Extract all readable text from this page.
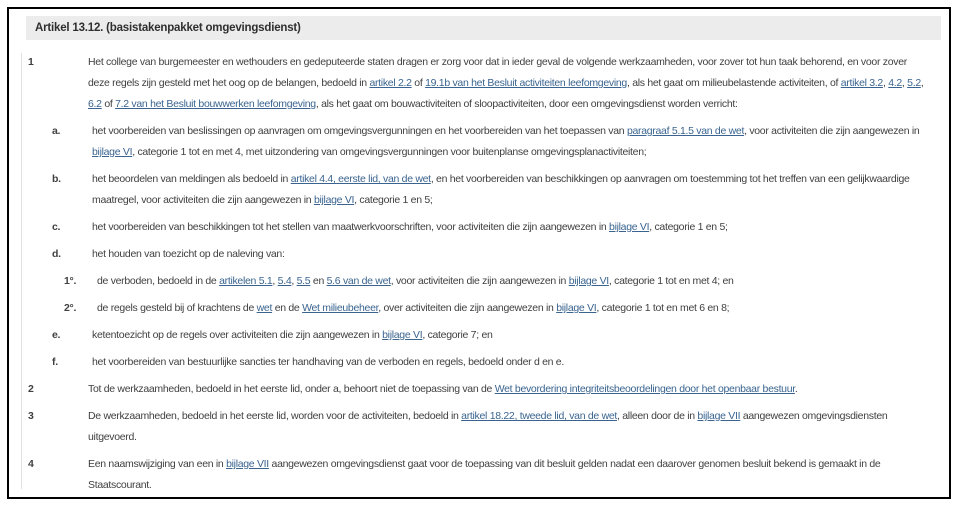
Artikel 13.12. (basistakenpakket omgevingsdienst)
1	Het college van burgemeester en wethouders en gedeputeerde staten dragen er zorg voor dat in ieder geval de volgende werkzaamheden, voor zover tot hun taak behorend, en voor zover deze regels zijn gesteld met het oog op de belangen, bedoeld in artikel 2.2 of 19.1b van het Besluit activiteiten leefomgeving, als het gaat om milieubelastende activiteiten, of artikel 3.2, 4.2, 5.2, 6.2 of 7.2 van het Besluit bouwwerken leefomgeving, als het gaat om bouwactiviteiten of sloopactiviteiten, door een omgevingsdienst worden verricht:

a.	het voorbereiden van beslissingen op aanvragen om omgevingsvergunningen en het voorbereiden van het toepassen van paragraaf 5.1.5 van de wet, voor activiteiten die zijn aangewezen in bijlage VI, categorie 1 tot en met 4, met uitzondering van omgevingsvergunningen voor buitenplanse omgevingsplanactiviteiten;

b.	het beoordelen van meldingen als bedoeld in artikel 4.4, eerste lid, van de wet, en het voorbereiden van beschikkingen op aanvragen om toestemming tot het treffen van een gelijkwaardige maatregel, voor activiteiten die zijn aangewezen in bijlage VI, categorie 1 en 5;

c.	het voorbereiden van beschikkingen tot het stellen van maatwerkvoorschriften, voor activiteiten die zijn aangewezen in bijlage VI, categorie 1 en 5;

d.	het houden van toezicht op de naleving van:

1°.	de verboden, bedoeld in de artikelen 5.1, 5.4, 5.5 en 5.6 van de wet, voor activiteiten die zijn aangewezen in bijlage VI, categorie 1 tot en met 4; en

2°.	de regels gesteld bij of krachtens de wet en de Wet milieubeheer, over activiteiten die zijn aangewezen in bijlage VI, categorie 1 tot en met 6 en 8;

e.	ketentoezicht op de regels over activiteiten die zijn aangewezen in bijlage VI, categorie 7; en

f.	het voorbereiden van bestuurlijke sancties ter handhaving van de verboden en regels, bedoeld onder d en e.

2	Tot de werkzaamheden, bedoeld in het eerste lid, onder a, behoort niet de toepassing van de Wet bevordering integriteitsbeoordelingen door het openbaar bestuur.

3	De werkzaamheden, bedoeld in het eerste lid, worden voor de activiteiten, bedoeld in artikel 18.22, tweede lid, van de wet, alleen door de in bijlage VII aangewezen omgevingsdiensten uitgevoerd.

4	Een naamswijziging van een in bijlage VII aangewezen omgevingsdienst gaat voor de toepassing van dit besluit gelden nadat een daarover genomen besluit bekend is gemaakt in de Staatscourant.
